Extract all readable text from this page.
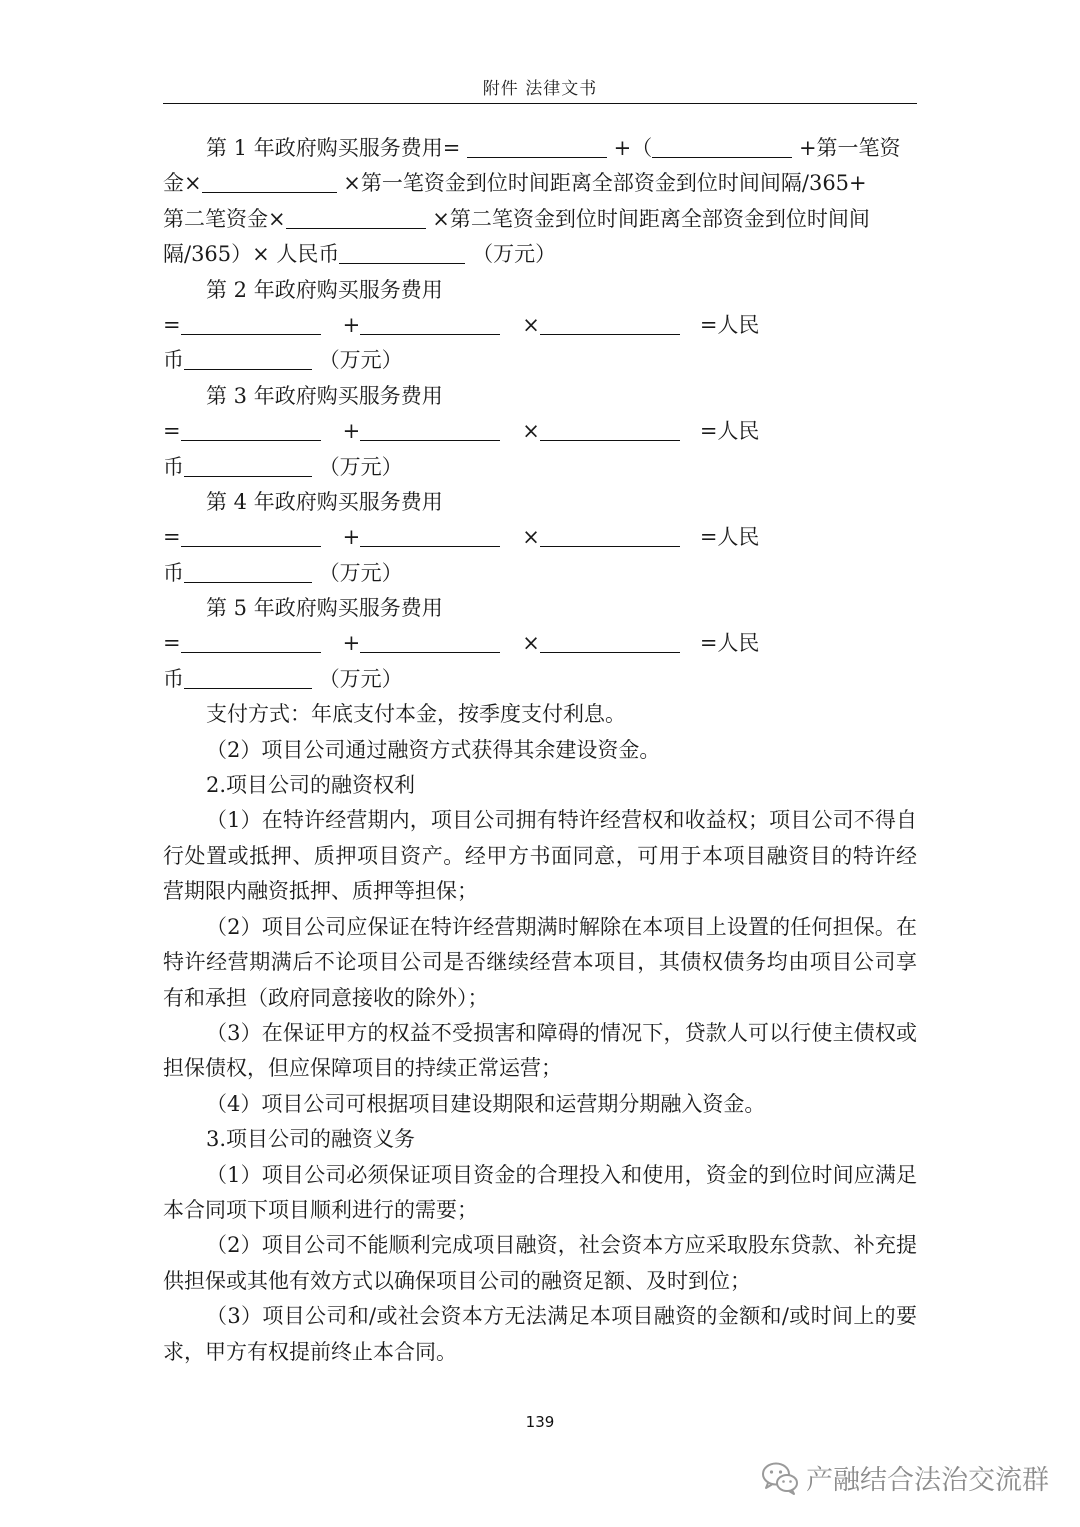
附件 法律文书
第 1 年政府购买服务费用=	+（	+第一笔资
金×	×第一笔资金到位时间距离全部资金到位时间间隔/365+
第二笔资金×	×第二笔资金到位时间距离全部资金到位时间间
隔/365）× 人民币	（万元）
第 2 年政府购买服务费用
=	+	×	=人民
币	（万元）
第 3 年政府购买服务费用
=	+	×	=人民
币	（万元）
第 4 年政府购买服务费用
=	+	×	=人民
币	（万元）
第 5 年政府购买服务费用
=	+	×	=人民
币	（万元）
支付方式：年底支付本金，按季度支付利息。
（2）项目公司通过融资方式获得其余建设资金。
2.项目公司的融资权利
（1）在特许经营期内，项目公司拥有特许经营权和收益权；项目公司不得自行处置或抵押、质押项目资产。经甲方书面同意，可用于本项目融资目的特许经营期限内融资抵押、质押等担保；
（2）项目公司应保证在特许经营期满时解除在本项目上设置的任何担保。在特许经营期满后不论项目公司是否继续经营本项目，其债权债务均由项目公司享有和承担（政府同意接收的除外）；
（3）在保证甲方的权益不受损害和障碍的情况下，贷款人可以行使主债权或担保债权，但应保障项目的持续正常运营；
（4）项目公司可根据项目建设期限和运营期分期融入资金。
3.项目公司的融资义务
（1）项目公司必须保证项目资金的合理投入和使用，资金的到位时间应满足本合同项下项目顺利进行的需要；
（2）项目公司不能顺利完成项目融资，社会资本方应采取股东贷款、补充提供担保或其他有效方式以确保项目公司的融资足额、及时到位；
（3）项目公司和/或社会资本方无法满足本项目融资的金额和/或时间上的要求，甲方有权提前终止本合同。
139
产融结合法治交流群
